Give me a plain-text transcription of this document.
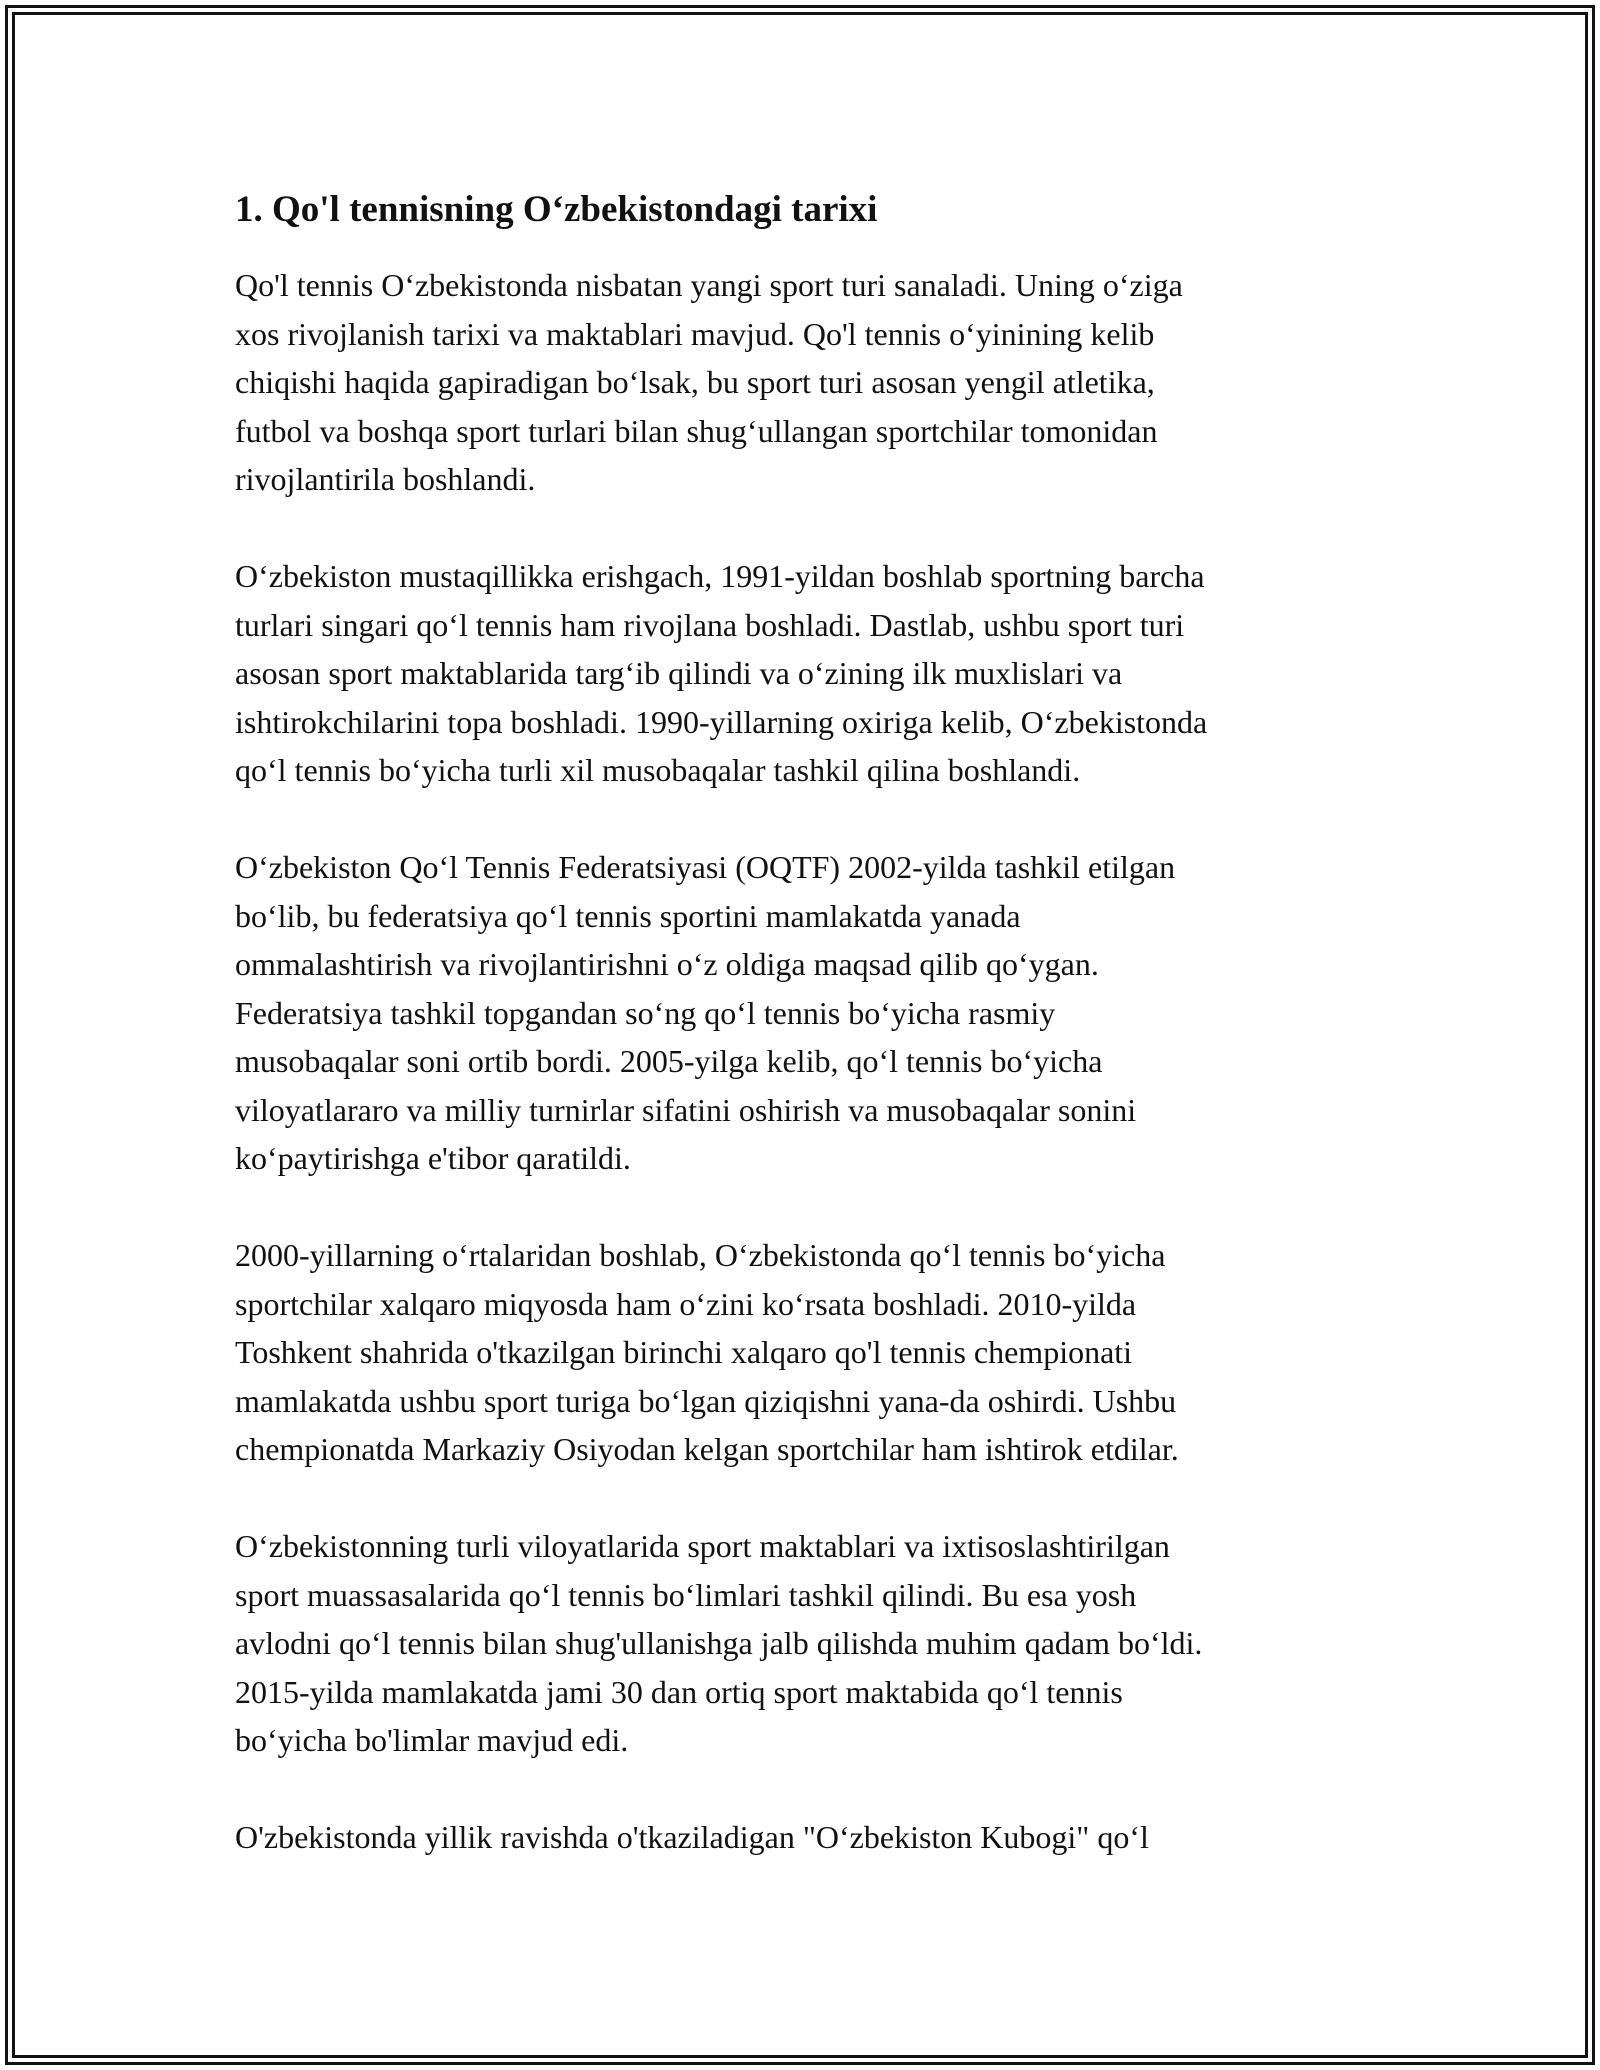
1. Qo'l tennisning O‘zbekistondagi tarixi

Qo'l tennis O‘zbekistonda nisbatan yangi sport turi sanaladi. Uning o‘ziga
xos rivojlanish tarixi va maktablari mavjud. Qo'l tennis o‘yinining kelib
chiqishi haqida gapiradigan bo‘lsak, bu sport turi asosan yengil atletika,
futbol va boshqa sport turlari bilan shug‘ullangan sportchilar tomonidan
rivojlantirila boshlandi.

O‘zbekiston mustaqillikka erishgach, 1991-yildan boshlab sportning barcha
turlari singari qo‘l tennis ham rivojlana boshladi. Dastlab, ushbu sport turi
asosan sport maktablarida targ‘ib qilindi va o‘zining ilk muxlislari va
ishtirokchilarini topa boshladi. 1990-yillarning oxiriga kelib, O‘zbekistonda
qo‘l tennis bo‘yicha turli xil musobaqalar tashkil qilina boshlandi.

O‘zbekiston Qo‘l Tennis Federatsiyasi (OQTF) 2002-yilda tashkil etilgan
bo‘lib, bu federatsiya qo‘l tennis sportini mamlakatda yanada
ommalashtirish va rivojlantirishni o‘z oldiga maqsad qilib qo‘ygan.
Federatsiya tashkil topgandan so‘ng qo‘l tennis bo‘yicha rasmiy
musobaqalar soni ortib bordi. 2005-yilga kelib, qo‘l tennis bo‘yicha
viloyatlararo va milliy turnirlar sifatini oshirish va musobaqalar sonini
ko‘paytirishga e'tibor qaratildi.

2000-yillarning o‘rtalaridan boshlab, O‘zbekistonda qo‘l tennis bo‘yicha
sportchilar xalqaro miqyosda ham o‘zini ko‘rsata boshladi. 2010-yilda
Toshkent shahrida o'tkazilgan birinchi xalqaro qo'l tennis chempionati
mamlakatda ushbu sport turiga bo‘lgan qiziqishni yana-da oshirdi. Ushbu
chempionatda Markaziy Osiyodan kelgan sportchilar ham ishtirok etdilar.

O‘zbekistonning turli viloyatlarida sport maktablari va ixtisoslashtirilgan
sport muassasalarida qo‘l tennis bo‘limlari tashkil qilindi. Bu esa yosh
avlodni qo‘l tennis bilan shug'ullanishga jalb qilishda muhim qadam bo‘ldi.
2015-yilda mamlakatda jami 30 dan ortiq sport maktabida qo‘l tennis
bo‘yicha bo'limlar mavjud edi.

O'zbekistonda yillik ravishda o'tkaziladigan "O‘zbekiston Kubogi" qo‘l
